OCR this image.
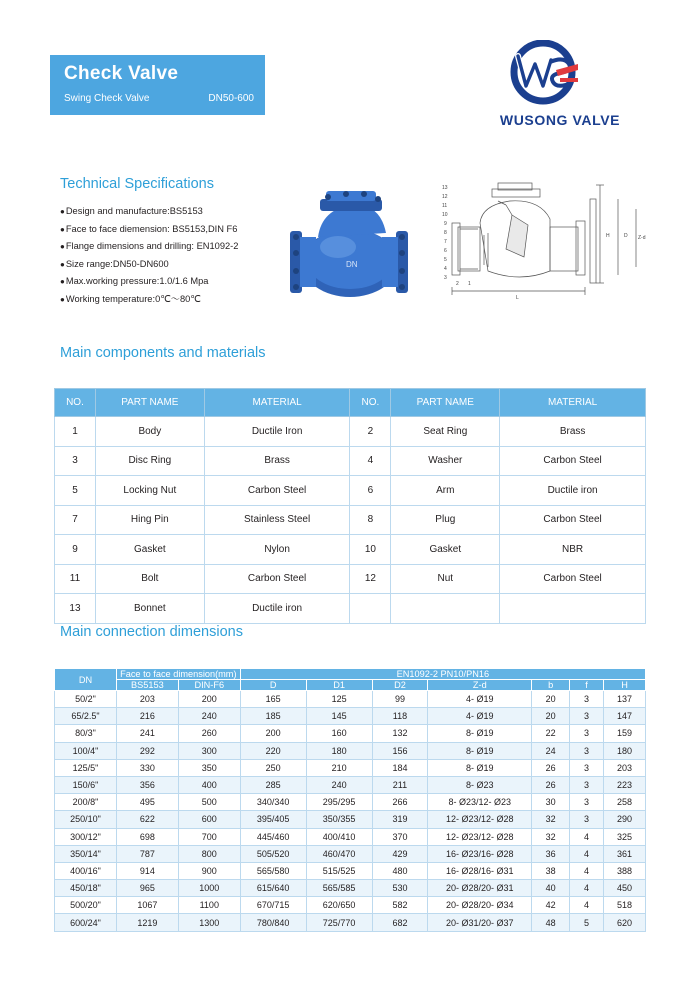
Check Valve
Swing Check Valve	DN50-600
WUSONG VALVE
Technical Specifications
●Design and manufacture:BS5153
●Face to face diemension: BS5153,DIN F6
●Flange dimensions and drilling: EN1092-2
●Size range:DN50-DN600
●Max.working pressure:1.0/1.6 Mpa
●Working temperature:0℃～80℃
DN
13
12
11
10
9
8
7
6
5
4
3
2 1
L
H	D Z-d
Main components and materials
NO.	PART NAME	MATERIAL	NO.	PART NAME	MATERIAL
1	Body	Ductile Iron	2	Seat Ring	Brass
3	Disc Ring	Brass	4	Washer	Carbon Steel
5	Locking Nut	Carbon Steel	6	Arm	Ductile iron
7	Hing Pin	Stainless Steel	8	Plug	Carbon Steel
9	Gasket	Nylon	10	Gasket	NBR
11	Bolt	Carbon Steel	12	Nut	Carbon Steel
13	Bonnet	Ductile iron			
Main connection dimensions
DN	Face to face dimension(mm)		EN1092-2 PN10/PN16						
	BS5153	DIN-F6	D	D1	D2	Z-d	b	f	H
50/2"	203	200	165	125	99	4- Ø19	20	3	137
65/2.5"	216	240	185	145	118	4- Ø19	20	3	147
80/3"	241	260	200	160	132	8- Ø19	22	3	159
100/4"	292	300	220	180	156	8- Ø19	24	3	180
125/5"	330	350	250	210	184	8- Ø19	26	3	203
150/6"	356	400	285	240	211	8- Ø23	26	3	223
200/8"	495	500	340/340	295/295	266	8- Ø23/12- Ø23	30	3	258
250/10"	622	600	395/405	350/355	319	12- Ø23/12- Ø28	32	3	290
300/12"	698	700	445/460	400/410	370	12- Ø23/12- Ø28	32	4	325
350/14"	787	800	505/520	460/470	429	16- Ø23/16- Ø28	36	4	361
400/16"	914	900	565/580	515/525	480	16- Ø28/16- Ø31	38	4	388
450/18"	965	1000	615/640	565/585	530	20- Ø28/20- Ø31	40	4	450
500/20"	1067	1100	670/715	620/650	582	20- Ø28/20- Ø34	42	4	518
600/24"	1219	1300	780/840	725/770	682	20- Ø31/20- Ø37	48	5	620
